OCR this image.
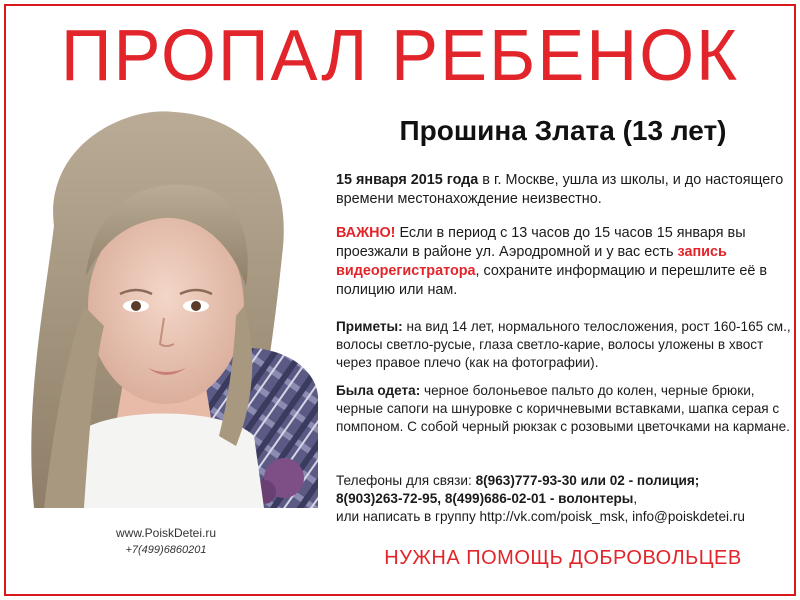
ПРОПАЛ РЕБЕНОК
www.PoiskDetei.ru
+7(499)6860201
Прошина Злата (13 лет)
15 января 2015 года в г. Москве, ушла из школы, и до настоящего времени местонахождение неизвестно.
ВАЖНО! Если в период с 13 часов до 15 часов 15 января вы проезжали в районе ул. Аэродромной и у вас есть запись видеорегистратора, сохраните информацию и перешлите её в полицию или нам.
Приметы: на вид 14 лет, нормального телосложения, рост 160-165 см., волосы светло-русые, глаза светло-карие, волосы уложены в хвост через правое плечо (как на фотографии).
Была одета: черное болоньевое пальто до колен, черные брюки, черные сапоги на шнуровке с коричневыми вставками, шапка серая с помпоном. С собой черный рюкзак с розовыми цветочками на кармане.
Телефоны для связи: 8(963)777-93-30 или 02 - полиция;
8(903)263-72-95, 8(499)686-02-01 - волонтеры,
или написать в группу http://vk.com/poisk_msk, info@poiskdetei.ru
НУЖНА ПОМОЩЬ ДОБРОВОЛЬЦЕВ
